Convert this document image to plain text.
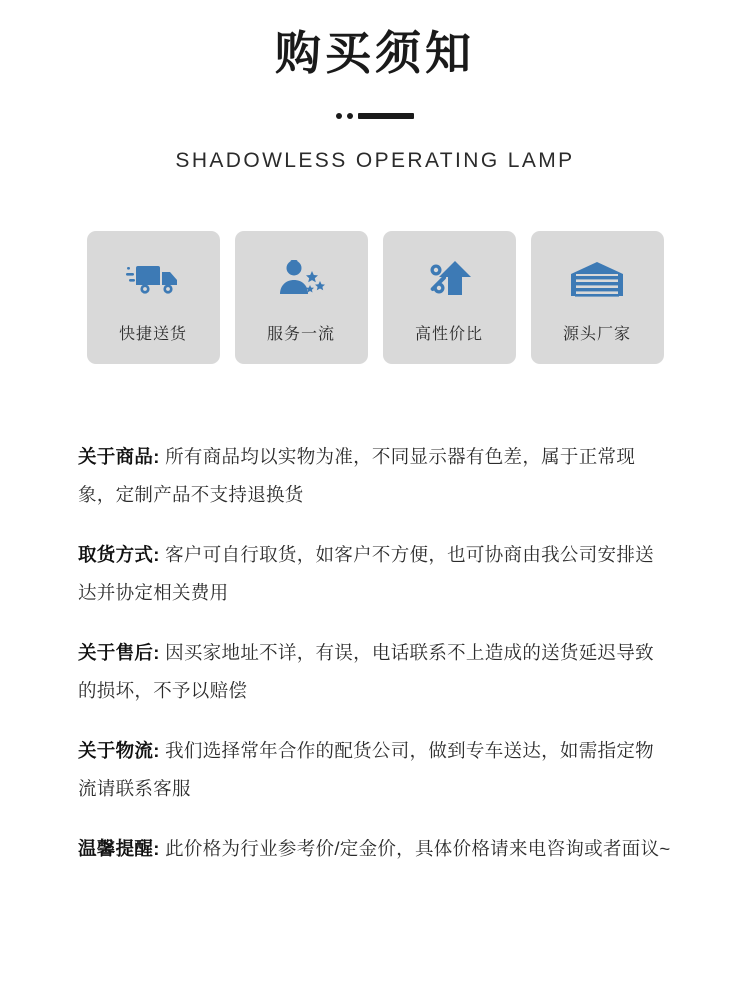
购买须知
SHADOWLESS OPERATING LAMP
快捷送货	服务一流	高性价比	源头厂家
关于商品: 所有商品均以实物为准，不同显示器有色差，属于正常现象，定制产品不支持退换货
取货方式: 客户可自行取货，如客户不方便，也可协商由我公司安排送达并协定相关费用
关于售后: 因买家地址不详，有误，电话联系不上造成的送货延迟导致的损坏，不予以赔偿
关于物流: 我们选择常年合作的配货公司，做到专车送达，如需指定物流请联系客服
温馨提醒: 此价格为行业参考价/定金价，具体价格请来电咨询或者面议~
